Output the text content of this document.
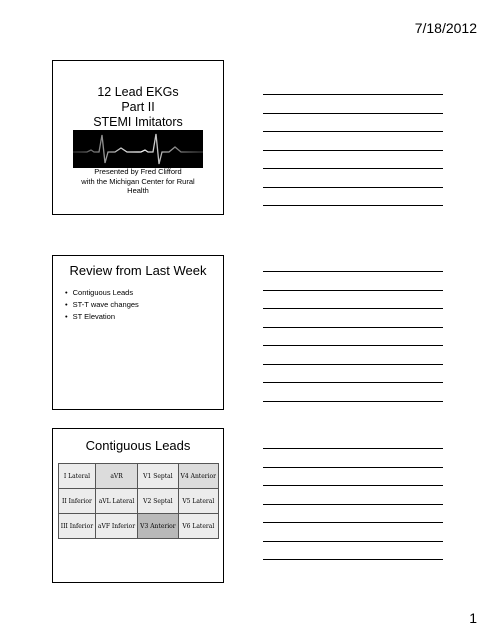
7/18/2012
12 Lead EKGs
Part II
STEMI Imitators
Presented by Fred Clifford
with the Michigan Center for Rural
Health
Review from Last Week
• Contiguous Leads
• ST-T wave changes
• ST Elevation
Contiguous Leads
I Lateral	aVR	V1 Septal	V4 Anterior
II Inferior	aVL Lateral	V2 Septal	V5 Lateral
III Inferior	aVF Inferior	V3 Anterior	V6 Lateral
1
